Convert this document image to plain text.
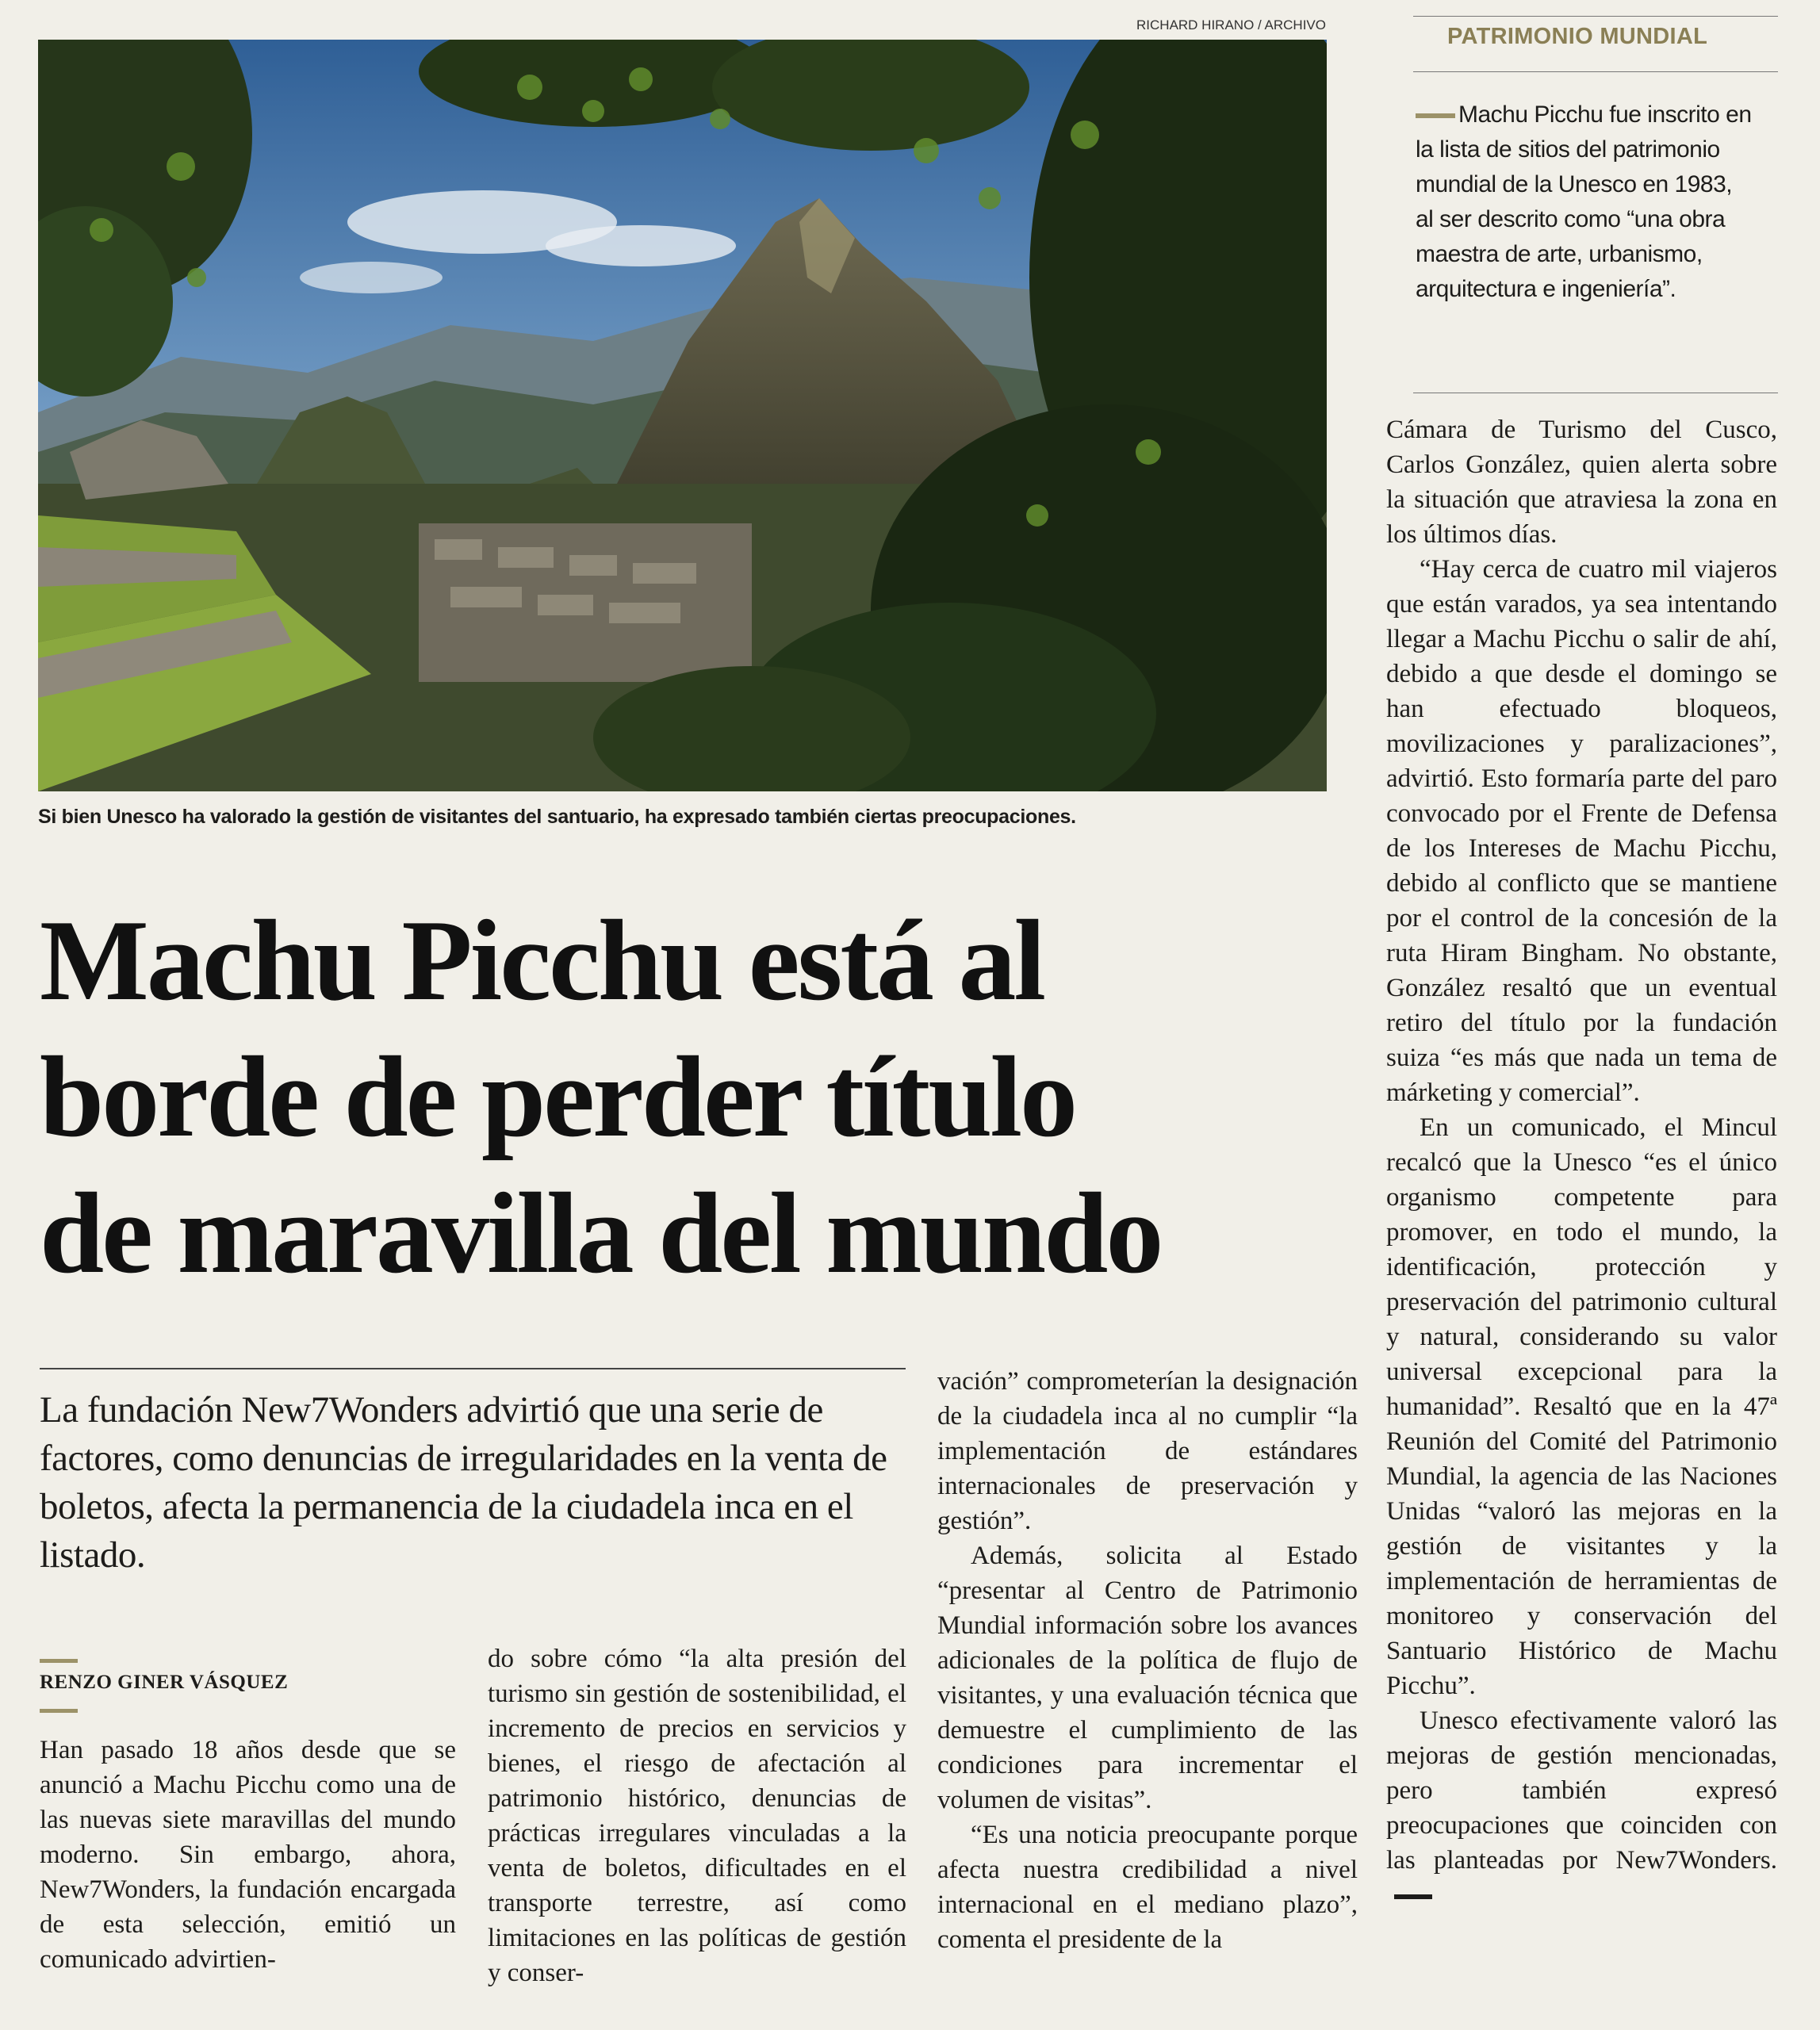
RICHARD HIRANO / ARCHIVO
Si bien Unesco ha valorado la gestión de visitantes del santuario, ha expresado también ciertas preocupaciones.
Machu Picchu está al
borde de perder título
de maravilla del mundo

La fundación New7Wonders advirtió que una serie de factores, como denuncias de irregularidades en la venta de boletos, afecta la permanencia de la ciudadela inca en el listado.

RENZO GINER VÁSQUEZ

Han pasado 18 años desde que se anunció a Machu Picchu como una de las nuevas siete maravillas del mundo moderno. Sin embargo, ahora, New7Wonders, la fundación encargada de esta selección, emitió un comunicado advirtien-

do sobre cómo “la alta presión del turismo sin gestión de sostenibilidad, el incremento de precios en servicios y bienes, el riesgo de afectación al patrimonio histórico, denuncias de prácticas irregulares vinculadas a la venta de boletos, dificultades en el transporte terrestre, así como limitaciones en las políticas de gestión y conser-

vación” comprometerían la designación de la ciudadela inca al no cumplir “la implementación de estándares internacionales de preservación y gestión”.

Además, solicita al Estado “presentar al Centro de Patrimonio Mundial información sobre los avances adicionales de la política de flujo de visitantes, y una evaluación técnica que demuestre el cumplimiento de las condiciones para incrementar el volumen de visitas”.

“Es una noticia preocupante porque afecta nuestra credibilidad a nivel internacional en el mediano plazo”, comenta el presidente de la

Cámara de Turismo del Cusco, Carlos González, quien alerta sobre la situación que atraviesa la zona en los últimos días.

“Hay cerca de cuatro mil viajeros que están varados, ya sea intentando llegar a Machu Picchu o salir de ahí, debido a que desde el domingo se han efectuado bloqueos, movilizaciones y paralizaciones”, advirtió. Esto formaría parte del paro convocado por el Frente de Defensa de los Intereses de Machu Picchu, debido al conflicto que se mantiene por el control de la concesión de la ruta Hiram Bingham. No obstante, González resaltó que un eventual retiro del título por la fundación suiza “es más que nada un tema de márketing y comercial”.

En un comunicado, el Mincul recalcó que la Unesco “es el único organismo competente para promover, en todo el mundo, la identificación, protección y preservación del patrimonio cultural y natural, considerando su valor universal excepcional para la humanidad”. Resaltó que en la 47ª Reunión del Comité del Patrimonio Mundial, la agencia de las Naciones Unidas “valoró las mejoras en la gestión de visitantes y la implementación de herramientas de monitoreo y conservación del Santuario Histórico de Machu Picchu”.

Unesco efectivamente valoró las mejoras de gestión mencionadas, pero también expresó preocupaciones que coinciden con las planteadas por New7Wonders.

PATRIMONIO MUNDIAL
Machu Picchu fue inscrito en la lista de sitios del patrimonio mundial de la Unesco en 1983, al ser descrito como “una obra maestra de arte, urbanismo, arquitectura e ingeniería”.
